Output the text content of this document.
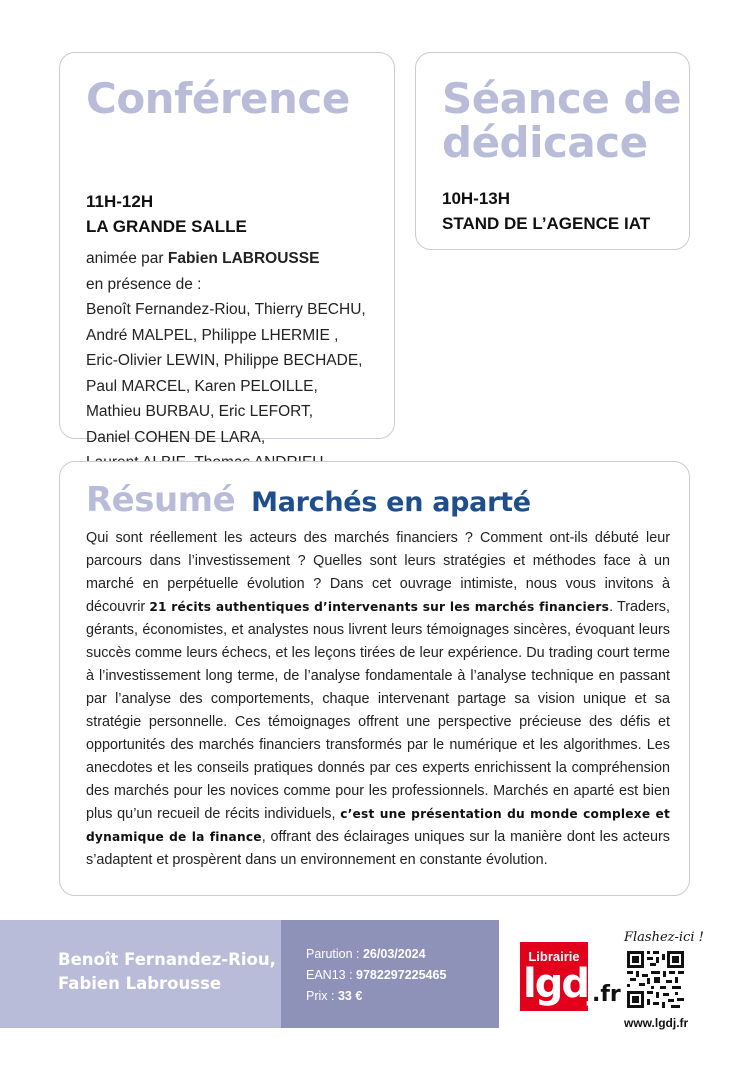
Conférence
11H-12H
LA GRANDE SALLE
animée par Fabien LABROUSSE
en présence de :
Benoît Fernandez-Riou, Thierry BECHU,
André MALPEL, Philippe LHERMIE ,
Eric-Olivier LEWIN, Philippe BECHADE,
Paul MARCEL, Karen PELOILLE,
Mathieu BURBAU, Eric LEFORT,
Daniel COHEN DE LARA,
Séance de
dédicace
10H-13H
STAND DE L’AGENCE IAT
Résumé Marchés en aparté
Qui sont réellement les acteurs des marchés financiers ? Comment ont-ils débuté leur parcours dans l’investissement ? Quelles sont leurs stratégies et méthodes face à un marché en perpétuelle évolution ? Dans cet ouvrage intimiste, nous vous invitons à découvrir 21 récits authentiques d’intervenants sur les marchés financiers. Traders, gérants, économistes, et analystes nous livrent leurs témoignages sincères, évoquant leurs succès comme leurs échecs, et les leçons tirées de leur expérience. Du trading court terme à l’investissement long terme, de l’analyse fondamentale à l’analyse technique en passant par l’analyse des comportements, chaque intervenant partage sa vision unique et sa stratégie personnelle. Ces témoignages offrent une perspective précieuse des défis et opportunités des marchés financiers transformés par le numérique et les algorithmes. Les anecdotes et les conseils pratiques donnés par ces experts enrichissent la compréhension des marchés pour les novices comme pour les professionnels. Marchés en aparté est bien plus qu’un recueil de récits individuels, c’est une présentation du monde complexe et dynamique de la finance, offrant des éclairages uniques sur la manière dont les acteurs s’adaptent et prospèrent dans un environnement en constante évolution.
Benoît Fernandez-Riou,
Fabien Labrousse
Parution : 26/03/2024
EAN13 : 9782297225465
Prix : 33 €
Librairie
lgdj
.fr
Flashez-ici !
www.lgdj.fr
